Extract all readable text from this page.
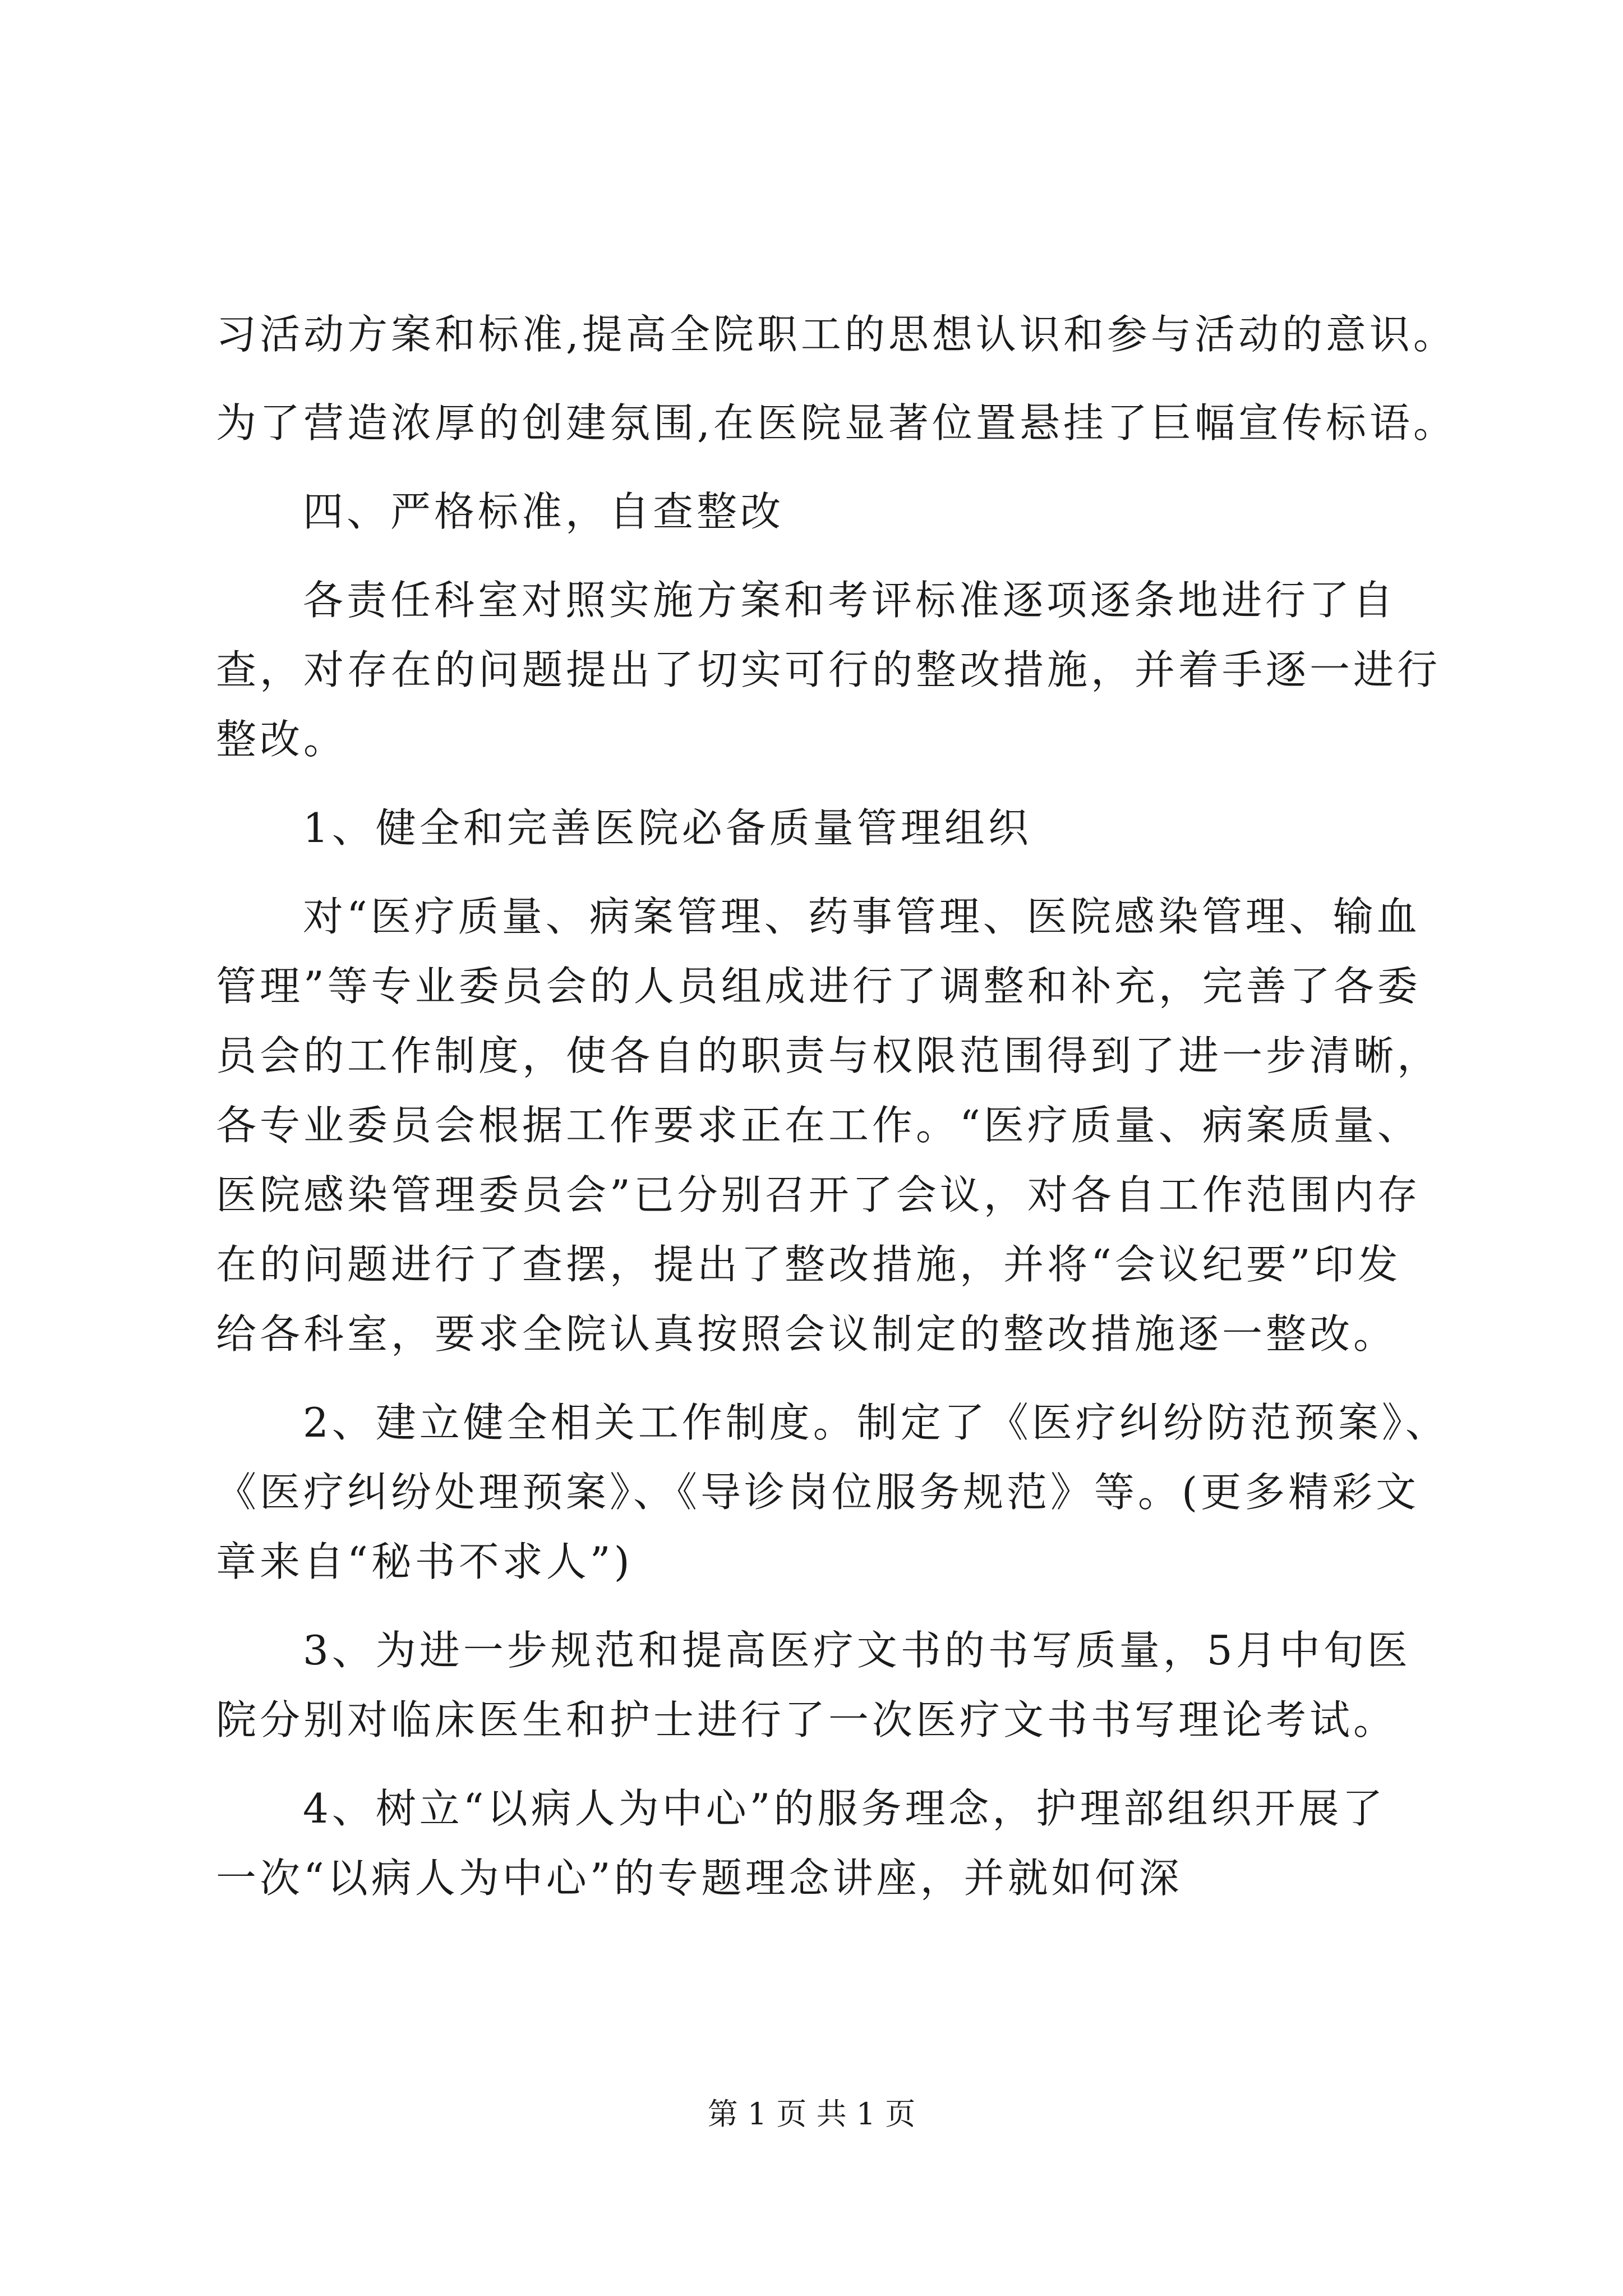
习活动方案和标准,提高全院职工的思想认识和参与活动的意识。
为了营造浓厚的创建氛围,在医院显著位置悬挂了巨幅宣传标语。
四、严格标准，自查整改
各责任科室对照实施方案和考评标准逐项逐条地进行了自
查，对存在的问题提出了切实可行的整改措施，并着手逐一进行
整改。
1、健全和完善医院必备质量管理组织
对“医疗质量、病案管理、药事管理、医院感染管理、输血
管理”等专业委员会的人员组成进行了调整和补充，完善了各委
员会的工作制度，使各自的职责与权限范围得到了进一步清晰，
各专业委员会根据工作要求正在工作。“医疗质量、病案质量、
医院感染管理委员会”已分别召开了会议，对各自工作范围内存
在的问题进行了查摆，提出了整改措施，并将“会议纪要”印发
给各科室，要求全院认真按照会议制定的整改措施逐一整改。
2、建立健全相关工作制度。制定了《医疗纠纷防范预案》、
《医疗纠纷处理预案》、《导诊岗位服务规范》等。(更多精彩文
章来自“秘书不求人”)
3、为进一步规范和提高医疗文书的书写质量，5月中旬医
院分别对临床医生和护士进行了一次医疗文书书写理论考试。
4、树立“以病人为中心”的服务理念，护理部组织开展了
一次“以病人为中心”的专题理念讲座，并就如何深
第 1 页 共 1 页
